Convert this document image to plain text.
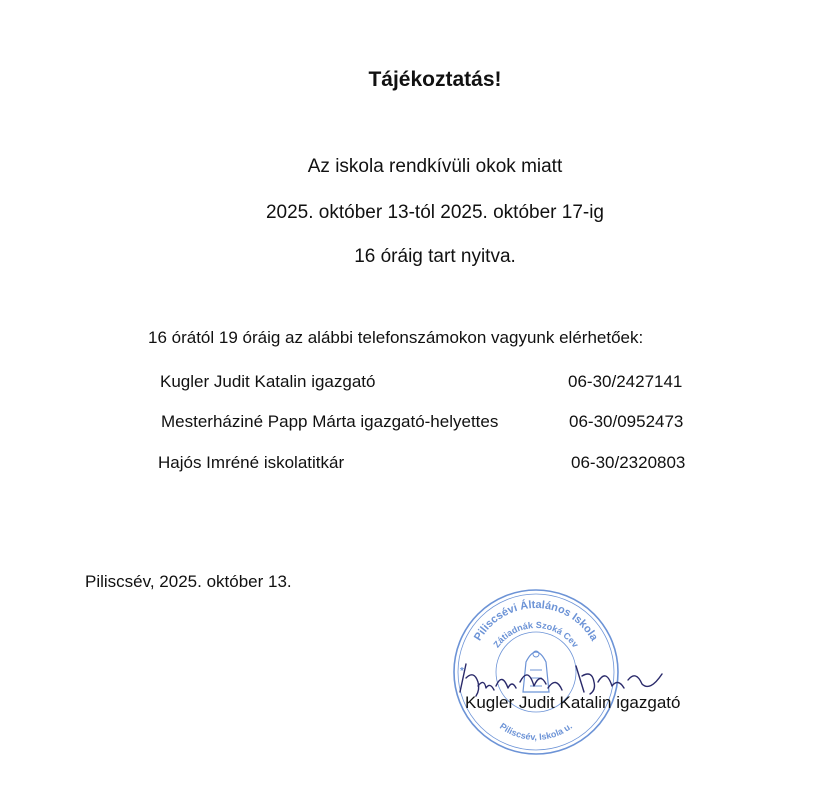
Tájékoztatás!
Az iskola rendkívüli okok miatt
2025. október 13-tól 2025. október 17-ig
16 óráig tart nyitva.
16 órától 19 óráig az alábbi telefonszámokon vagyunk elérhetőek:
Kugler Judit Katalin igazgató	06-30/2427141
Mesterháziné Papp Márta igazgató-helyettes	06-30/0952473
Hajós Imréné iskolatitkár	06-30/2320803
Piliscsév, 2025. október 13.
Piliscsévi Általános Iskola
Zátiadnák Szoká Cev
Piliscsév, Iskola u.
*
Kugler Judit Katalin igazgató
